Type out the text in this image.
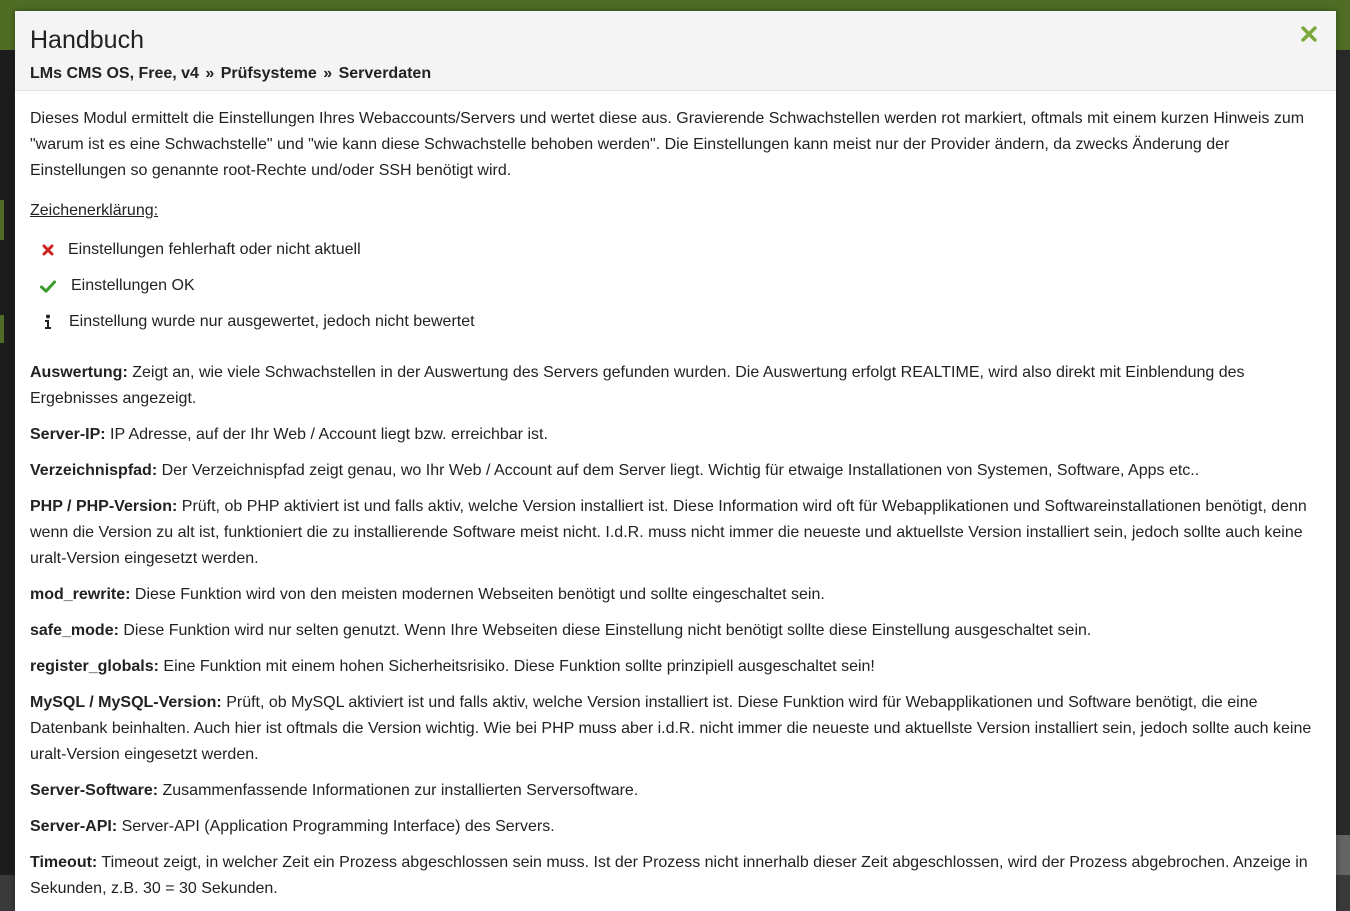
Handbuch
LMs CMS OS, Free, v4 » Prüfsysteme » Serverdaten

Dieses Modul ermittelt die Einstellungen Ihres Webaccounts/Servers und wertet diese aus. Gravierende Schwachstellen werden rot markiert, oftmals mit einem kurzen Hinweis zum "warum ist es eine Schwachstelle" und "wie kann diese Schwachstelle behoben werden". Die Einstellungen kann meist nur der Provider ändern, da zwecks Änderung der Einstellungen so genannte root-Rechte und/oder SSH benötigt wird.

Zeichenerklärung:

Einstellungen fehlerhaft oder nicht aktuell
Einstellungen OK
Einstellung wurde nur ausgewertet, jedoch nicht bewertet

Auswertung: Zeigt an, wie viele Schwachstellen in der Auswertung des Servers gefunden wurden. Die Auswertung erfolgt REALTIME, wird also direkt mit Einblendung des Ergebnisses angezeigt.

Server-IP: IP Adresse, auf der Ihr Web / Account liegt bzw. erreichbar ist.

Verzeichnispfad: Der Verzeichnispfad zeigt genau, wo Ihr Web / Account auf dem Server liegt. Wichtig für etwaige Installationen von Systemen, Software, Apps etc..

PHP / PHP-Version: Prüft, ob PHP aktiviert ist und falls aktiv, welche Version installiert ist. Diese Information wird oft für Webapplikationen und Softwareinstallationen benötigt, denn wenn die Version zu alt ist, funktioniert die zu installierende Software meist nicht. I.d.R. muss nicht immer die neueste und aktuellste Version installiert sein, jedoch sollte auch keine uralt-Version eingesetzt werden.

mod_rewrite: Diese Funktion wird von den meisten modernen Webseiten benötigt und sollte eingeschaltet sein.

safe_mode: Diese Funktion wird nur selten genutzt. Wenn Ihre Webseiten diese Einstellung nicht benötigt sollte diese Einstellung ausgeschaltet sein.

register_globals: Eine Funktion mit einem hohen Sicherheitsrisiko. Diese Funktion sollte prinzipiell ausgeschaltet sein!

MySQL / MySQL-Version: Prüft, ob MySQL aktiviert ist und falls aktiv, welche Version installiert ist. Diese Funktion wird für Webapplikationen und Software benötigt, die eine Datenbank beinhalten. Auch hier ist oftmals die Version wichtig. Wie bei PHP muss aber i.d.R. nicht immer die neueste und aktuellste Version installiert sein, jedoch sollte auch keine uralt-Version eingesetzt werden.

Server-Software: Zusammenfassende Informationen zur installierten Serversoftware.

Server-API: Server-API (Application Programming Interface) des Servers.

Timeout: Timeout zeigt, in welcher Zeit ein Prozess abgeschlossen sein muss. Ist der Prozess nicht innerhalb dieser Zeit abgeschlossen, wird der Prozess abgebrochen. Anzeige in Sekunden, z.B. 30 = 30 Sekunden.
